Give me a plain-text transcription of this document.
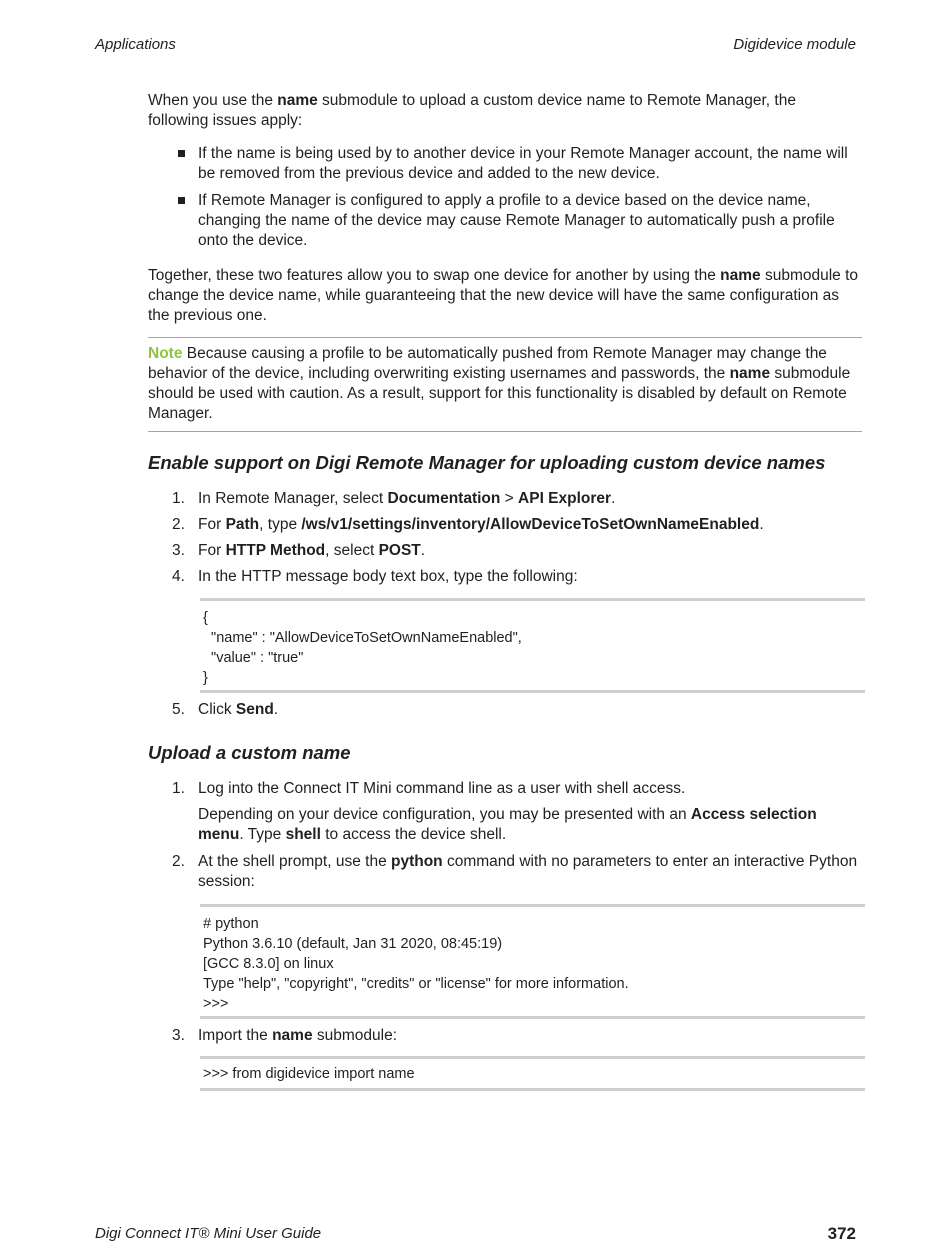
Applications	Digidevice module

When you use the name submodule to upload a custom device name to Remote Manager, the following issues apply:

If the name is being used by to another device in your Remote Manager account, the name will be removed from the previous device and added to the new device.
If Remote Manager is configured to apply a profile to a device based on the device name, changing the name of the device may cause Remote Manager to automatically push a profile onto the device.

Together, these two features allow you to swap one device for another by using the name submodule to change the device name, while guaranteeing that the new device will have the same configuration as the previous one.

Note Because causing a profile to be automatically pushed from Remote Manager may change the behavior of the device, including overwriting existing usernames and passwords, the name submodule should be used with caution. As a result, support for this functionality is disabled by default on Remote Manager.
Enable support on Digi Remote Manager for uploading custom device names
1. In Remote Manager, select Documentation > API Explorer.
2. For Path, type /ws/v1/settings/inventory/AllowDeviceToSetOwnNameEnabled.
3. For HTTP Method, select POST.
4. In the HTTP message body text box, type the following:
{
"name" : "AllowDeviceToSetOwnNameEnabled",
"value" : "true"
}
5. Click Send.
Upload a custom name
1. Log into the Connect IT Mini command line as a user with shell access.

Depending on your device configuration, you may be presented with an Access selection menu. Type shell to access the device shell.

2. At the shell prompt, use the python command with no parameters to enter an interactive Python session:
# python
Python 3.6.10 (default, Jan 31 2020, 08:45:19)
[GCC 8.3.0] on linux
Type "help", "copyright", "credits" or "license" for more information.
>>>
3. Import the name submodule:
>>> from digidevice import name
Digi Connect IT® Mini User Guide	372
